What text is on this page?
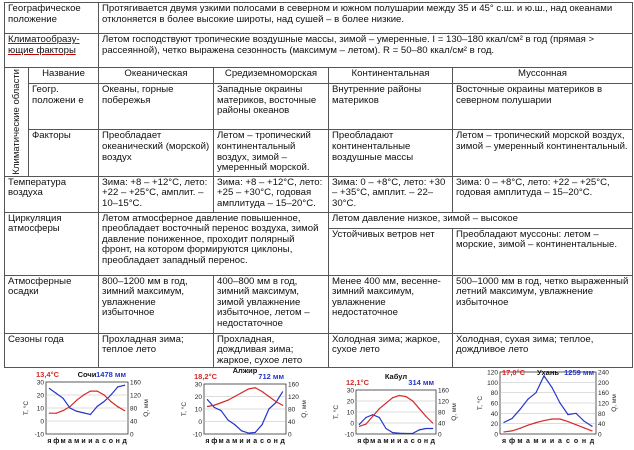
Географическое положение		Протягивается двумя узкими полосами в северном и южном полушарии между 35 и 45° с.ш. и ю.ш., над океанами отклоняется в более высокие широты, над сушей – в более низкие.			
Климатообразу-ющие факторы		Летом господствуют тропические воздушные массы, зимой – умеренные. I = 130–180 ккал/см² в год (прямая > рассеянной), четко выражена сезонность (максимум – летом). R = 50–80 ккал/см² в год.			

Климатические области	Название	Океаническая	Средиземноморская	Континентальная	Муссонная
	Геогр. положени е	Океаны, горные побережья	Западные окраины материков, восточные районы океанов	Внутренние районы материков	Восточные окраины материков в северном полушарии
	Факторы	Преобладает океанический (морской) воздух	Летом – тропический континентальный воздух, зимой – умеренный морской.	Преобладают континентальные воздушные массы	Летом – тропический морской воздух, зимой – умеренный континентальный.
Температура воздуха		Зима: +8 – +12°С, лето: +22 – +25°С, амплит. – 10–15°С.	Зима: +8 – +12°С, лето: +25 – +30°С, годовая амплитуда – 15–20°С.	Зима: 0 – +8°С, лето: +30 – +35°С, амплит. – 22–30°С.	Зима: 0 – +8°С, лето: +22 – +25°С, годовая амплитуда – 15–20°С.
Циркуляция атмосферы		Летом атмосферное давление повышенное, преобладает восточный перенос воздуха, зимой давление пониженное, проходит полярный фронт, на котором формируются циклоны, преобладает западный перенос.		Летом давление низкое, зимой – высокое	
				Устойчивых ветров нет	Преобладают муссоны: летом – морские, зимой – континентальные.
Атмосферные осадки		800–1200 мм в год, зимний максимум, увлажнение избыточное	400–800 мм в год, зимний максимум, зимой увлажнение избыточное, летом – недостаточное	Менее 400 мм, весенне-зимний максимум, увлажнение недостаточное	500–1000 мм в год, четко выраженный летний максимум, увлажнение избыточное
Сезоны года		Прохладная зима; теплое лето	Прохладная, дождливая зима; жаркое, сухое лето	Холодная зима; жаркое, сухое лето	Холодная, сухая зима; теплое, дождливое лето
30
20
10
0
-10
160
120
80
40
0
T, °C	Q, мм
я ф м а м и и а с о н д
13,4°С Сочи 1478 мм
30
20
10
0
-10
160
120
80
40
0
T, °C	Q, мм
я ф м а м и и а с о н д
18,2°С
Алжир
712 мм
30
20
10
0
-10
160
120
80
40
0
T, °C	Q, мм
я ф м а м и и а с о н д
12,1°С
Кабул
314 мм
120
100
80
60
40
20
0
240
200
160
120
80
40
0
T, °C	Q, мм
я ф м а м и и а с о н д
17,0°С Ухань 1259 мм
